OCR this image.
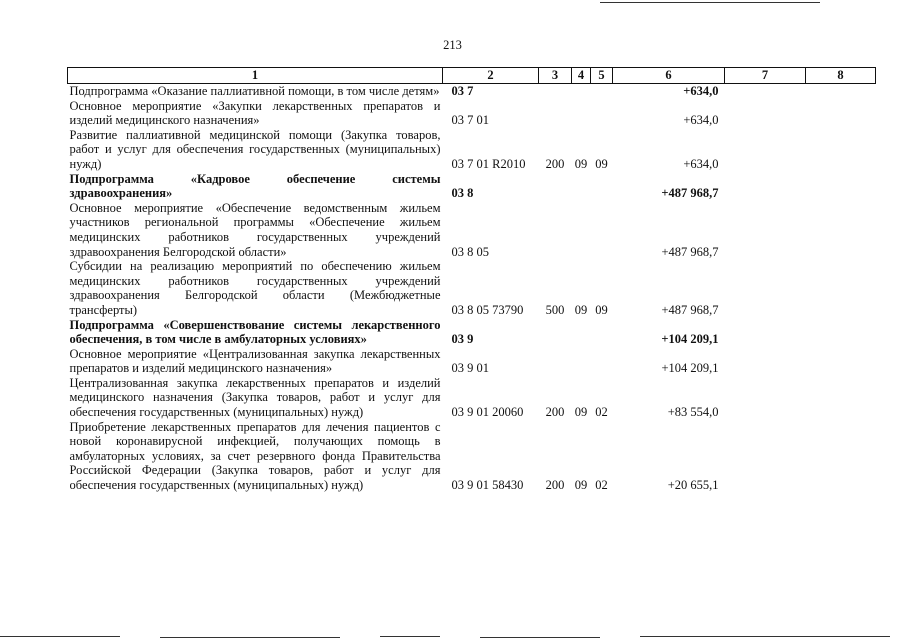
213
1	2	3	4	5	6	7	8
Подпрограмма «Оказание паллиативной помощи, в том числе детям»	03 7				+634,0		
Основное мероприятие «Закупки лекарственных препаратов и изделий медицинского назначения»	03 7 01				+634,0		
Развитие паллиативной медицинской помощи (Закупка товаров, работ и услуг для обеспечения государственных (муниципальных) нужд)	03 7 01 R2010	200	09	09	+634,0		
Подпрограмма «Кадровое обеспечение системы здравоохранения»	03 8				+487 968,7		
Основное мероприятие «Обеспечение ведомственным жильем участников региональной программы «Обеспечение жильем медицинских работников государственных учреждений здравоохранения Белгородской области»	03 8 05				+487 968,7		
Субсидии на реализацию мероприятий по обеспечению жильем медицинских работников государственных учреждений здравоохранения Белгородской области (Межбюджетные трансферты)	03 8 05 73790	500	09	09	+487 968,7		
Подпрограмма «Совершенствование системы лекарственного обеспечения, в том числе в амбулаторных условиях»	03 9				+104 209,1		
Основное мероприятие «Централизованная закупка лекарственных препаратов и изделий медицинского назначения»	03 9 01				+104 209,1		
Централизованная закупка лекарственных препаратов и изделий медицинского назначения (Закупка товаров, работ и услуг для обеспечения государственных (муниципальных) нужд)	03 9 01 20060	200	09	02	+83 554,0		
Приобретение лекарственных препаратов для лечения пациентов с новой коронавирусной инфекцией, получающих помощь в амбулаторных условиях, за счет резервного фонда Правительства Российской Федерации (Закупка товаров, работ и услуг для обеспечения государственных (муниципальных) нужд)	03 9 01 58430	200	09	02	+20 655,1		
